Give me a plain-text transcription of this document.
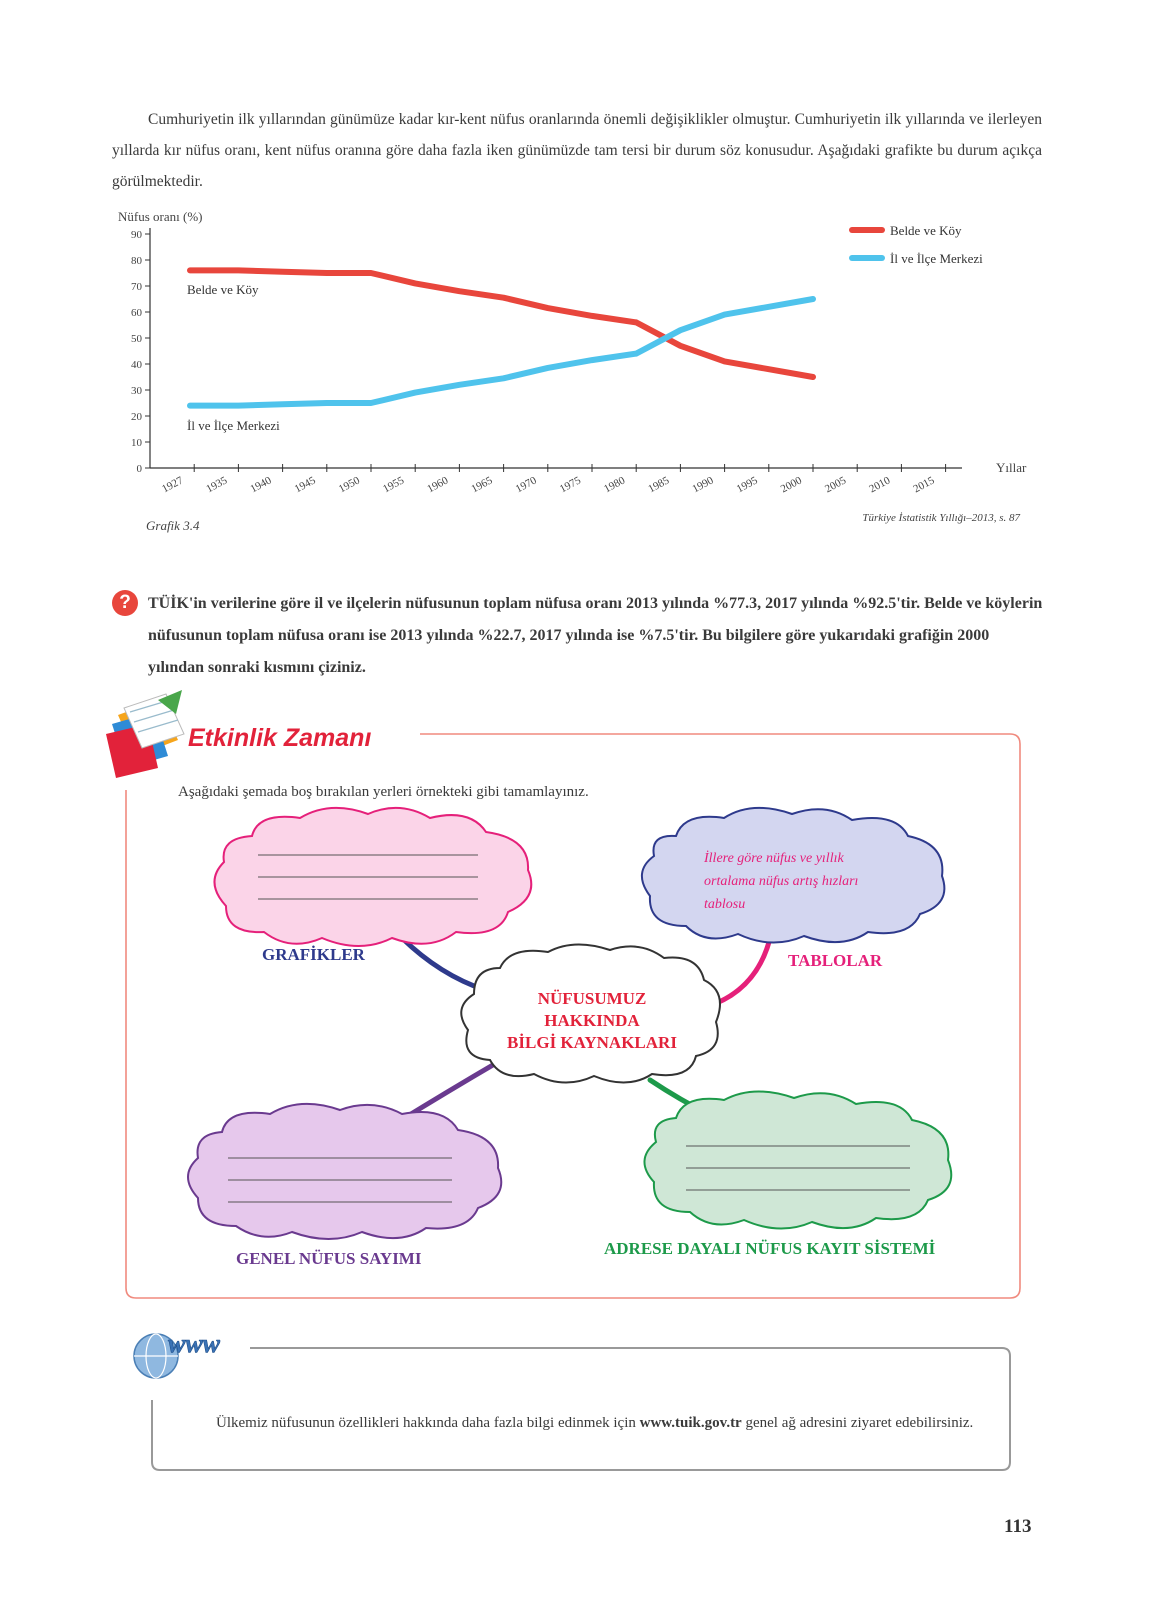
Cumhuriyetin ilk yıllarından günümüze kadar kır-kent nüfus oranlarında önemli değişiklikler olmuştur. Cumhuriyetin ilk yıllarında ve ilerleyen yıllarda kır nüfus oranı, kent nüfus oranına göre daha fazla iken günümüzde tam tersi bir durum söz konusudur. Aşağıdaki grafikte bu durum açıkça görülmektedir.
0
10
20
30
40
50
60
70
80
90
1927 1935 1940 1945 1950 1955 1960 1965 1970 1975 1980 1985 1990 1995 2000 2005 2010 2015
Nüfus oranı (%)
Yıllar
Belde ve Köy
İl ve İlçe Merkezi
Belde ve Köy
İl ve İlçe Merkezi
Grafik 3.4	Türkiye İstatistik Yıllığı–2013, s. 87
?	TÜİK'in verilerine göre il ve ilçelerin nüfusunun toplam nüfusa oranı 2013 yılında %77.3, 2017 yılında %92.5'tir. Belde ve köylerin nüfusunun toplam nüfusa oranı ise 2013 yılında %22.7, 2017 yılında ise %7.5'tir. Bu bilgilere göre yukarıdaki grafiğin 2000 yılından sonraki kısmını çiziniz.
İllere göre nüfus ve yıllık
ortalama nüfus artış hızları
tablosu
NÜFUSUMUZ
HAKKINDA
BİLGİ KAYNAKLARI
GRAFİKLER	TABLOLAR
GENEL NÜFUS SAYIMI
ADRESE DAYALI NÜFUS KAYIT SİSTEMİ
www
Etkinlik Zamanı
Aşağıdaki şemada boş bırakılan yerleri örnekteki gibi tamamlayınız.
Ülkemiz nüfusunun özellikleri hakkında daha fazla bilgi edinmek için www.tuik.gov.tr genel ağ adresini ziyaret edebilirsiniz.
113
